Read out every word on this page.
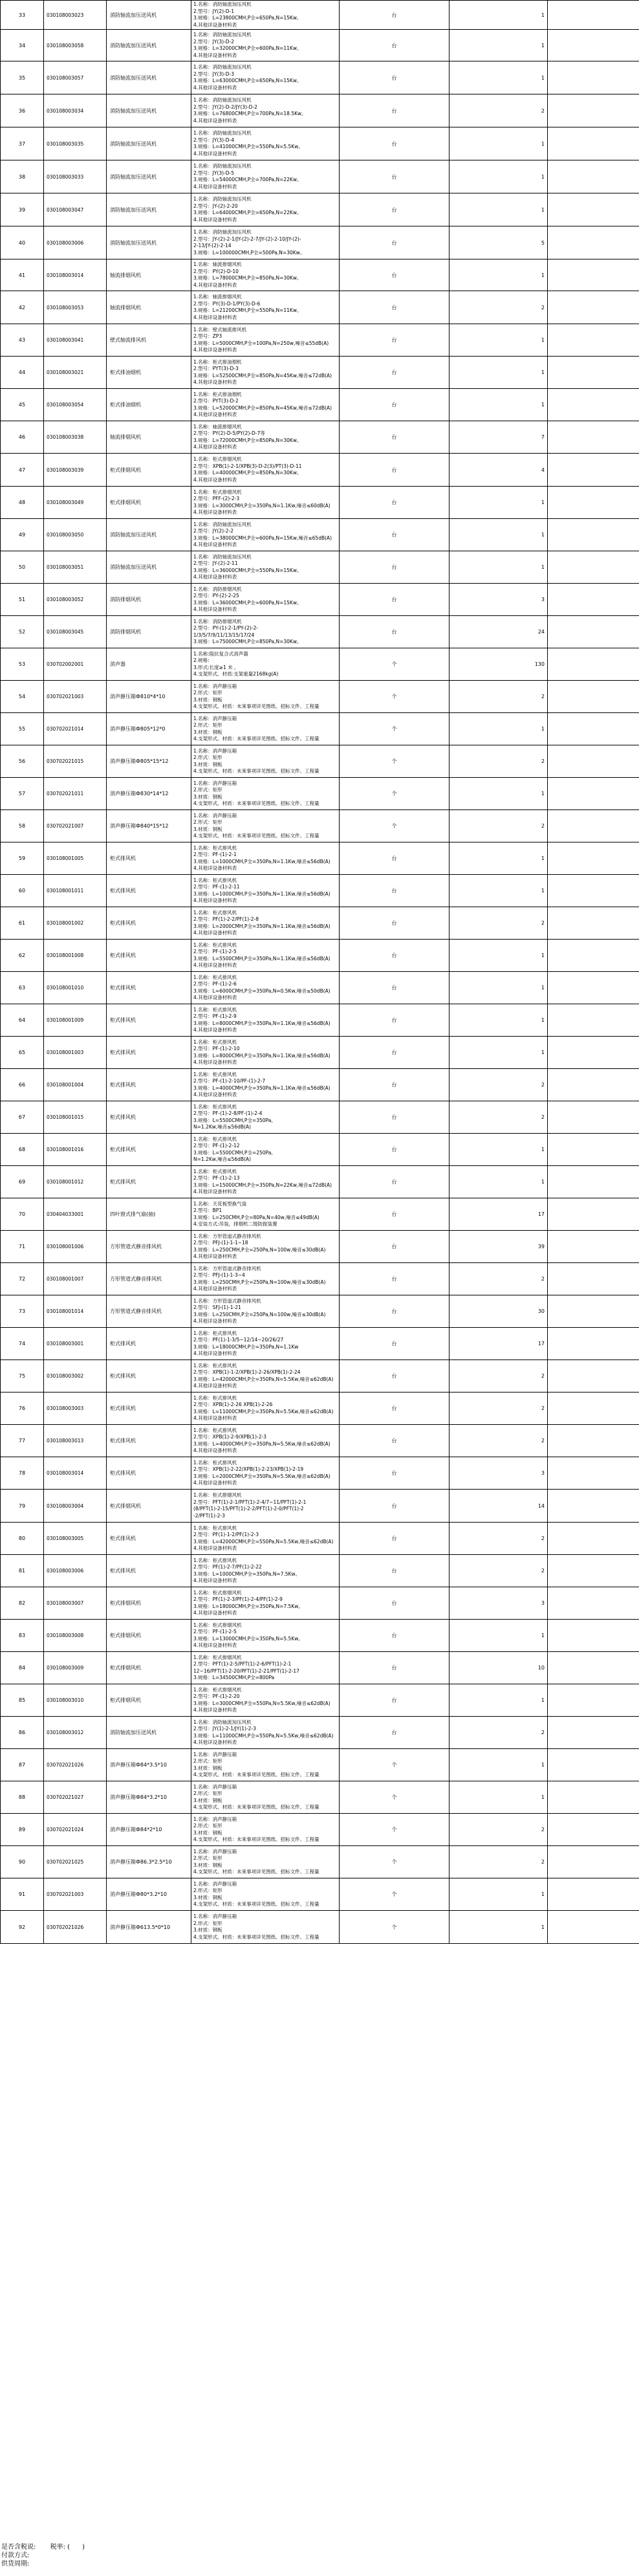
33	030108003023	消防轴流加压送风机	1.名称：消防轴流加压风机
2.型号：JY(2)-D-1
3.规格：L=23800CMH,P全=650Pa,N=15Kw。
4.其他详设备材料表	台	1	
34	030108003058	消防轴流加压送风机	1.名称：消防轴流加压风机
2.型号：JY(3)-D-2
3.规格：L=32000CMH,P全=600Pa,N=11Kw。
4.其他详设备材料表	台	1	
35	030108003057	消防轴流加压送风机	1.名称：消防轴流加压风机
2.型号：JY(3)-D-3
3.规格：L=63000CMH,P全=650Pa,N=15Kw。
4.其他详设备材料表	台	1	
36	030108003034	消防轴流加压送风机	1.名称：消防轴流加压风机
2.型号：JY(2)-D-2/JY(3)-D-2
3.规格：L=76800CMH,P全=700Pa,N=18.5Kw。
4.其他详设备材料表	台	2	
37	030108003035	消防轴流加压送风机	1.名称：消防轴流加压风机
2.型号：JY(3)-D-4
3.规格：L=41000CMH,P全=550Pa,N=5.5Kw。
4.其他详设备材料表	台	1	
38	030108003033	消防轴流加压送风机	1.名称：消防轴流加压风机
2.型号：JY(3)-D-5
3.规格：L=54000CMH,P全=700Pa,N=22Kw。
4.其他详设备材料表	台	1	
39	030108003047	消防轴流加压送风机	1.名称：消防轴流加压风机
2.型号：JY-(2)-2-20
3.规格：L=64000CMH,P全=650Pa,N=22Kw。
4.其他详设备材料表	台	1	
40	030108003006	消防轴流加压送风机	1.名称：消防轴流加压风机
2.型号：JY-(2)-2-1/JY-(2)-2-7/JY-(2)-2-10/JY-(2)-
2-13/JY-(2)-2-14
3.规格：L=100000CMH,P全=500Pa,N=30Kw。	台	5	
41	030108003014	轴流排烟风机	1.名称：轴流排烟风机
2.型号：PY(2)-D-10
3.规格：L=78000CMH,P全=850Pa,N=30Kw。
4.其他详设备材料表	台	1	
42	030108003053	轴流排烟风机	1.名称：轴流排烟风机
2.型号：PY(3)-D-1/PY(3)-D-6
3.规格：L=21200CMH,P全=550Pa,N=11Kw。
4.其他详设备材料表	台	2	
43	030108003041	壁式轴流排风机	1.名称：壁式轴流排风机
2.型号：ZP3
3.规格：L=5000CMH,P全=100Pa,N=250w,噪音≤55dB(A)
4.其他详设备材料表	台	1	
44	030108003021	柜式排油烟机	1.名称：柜式排油烟机
2.型号：PYT(3)-D-3
3.规格：L=52500CMH,P全=850Pa,N=45Kw,噪音≤72dB(A)
4.其他详设备材料表	台	1	
45	030108003054	柜式排油烟机	1.名称：柜式排油烟机
2.型号：PYT(3)-D-2
3.规格：L=52000CMH,P全=850Pa,N=45Kw,噪音≤72dB(A)
4.其他详设备材料表	台	1	
46	030108003038	轴流排烟风机	1.名称：轴流排烟风机
2.型号：PY(2)-D-5/PY(2)-D-7等
3.规格：L=72000CMH,P全=850Pa,N=30Kw。
4.其他详设备材料表	台	7	
47	030108003039	柜式排烟风机	1.名称：柜式排烟风机
2.型号：XPB(1)-2-1/XPB(3)-D-2(3)/PT(3)-D-11
3.规格：L=40000CMH,P全=850Pa,N=30Kw。
4.其他详设备材料表	台	4	
48	030108003049	柜式排烟风机	1.名称：柜式排烟风机
2.型号：PFF-(2)-2-3
3.规格：L=3000CMH,P全=350Pa,N=1.1Kw,噪音≤60dB(A)
4.其他详设备材料表	台	1	
49	030108003050	消防轴流加压送风机	1.名称：消防轴流加压风机
2.型号：JY(2)-2-2
3.规格：L=38000CMH,P全=600Pa,N=15Kw,噪音≤65dB(A)
4.其他详设备材料表	台	1	
50	030108003051	消防轴流加压送风机	1.名称：消防轴流加压风机
2.型号：JY-(2)-2-11
3.规格：L=36000CMH,P全=550Pa,N=15Kw。
4.其他详设备材料表	台	1	
51	030108003052	消防排烟风机	1.名称：消防排烟风机
2.型号：PY-(2)-2-25
3.规格：L=36000CMH,P全=600Pa,N=15Kw。
4.其他详设备材料表	台	3	
52	030108003045	消防排烟风机	1.名称：消防排烟风机
2.型号：PY-(1)-2-1/PY-(2)-2-
1/3/5/7/9/11/13/15/17/24
3.规格：L=75000CMH,P全=850Pa,N=30Kw。	台	24	
53	030702002001	消声器	1.名称:阻抗复合式消声器
2.规格:
3.形式:长度≥1 米 ,
4.支架形式、材质:支架重量2168kg(A)	个	130	
54	030702021003	消声静压箱Ф810*4*10	1.名称：消声静压箱
2.形式：矩形
3.材质：钢板
4.支架形式、材质：未來事项详见图纸、招标文件、工程量	个	2	
55	030702021014	消声静压箱Ф805*12*0	1.名称：消声静压箱
2.形式：矩形
3.材质：钢板
4.支架形式、材质：未來事项详见图纸、招标文件、工程量	个	1	
56	030702021015	消声静压箱Ф805*15*12	1.名称：消声静压箱
2.形式：矩形
3.材质：钢板
4.支架形式、材质：未來事项详见图纸、招标文件、工程量	个	2	
57	030702021011	消声静压箱Ф830*14*12	1.名称：消声静压箱
2.形式：矩形
3.材质：钢板
4.支架形式、材质：未來事项详见图纸、招标文件、工程量	个	1	
58	030702021007	消声静压箱Ф840*15*12	1.名称：消声静压箱
2.形式：矩形
3.材质：钢板
4.支架形式、材质：未來事项详见图纸、招标文件、工程量	个	2	
59	030108001005	柜式排风机	1.名称：柜式排风机
2.型号：PF-(1)-2-1
3.规格：L=1000CMH,P全=350Pa,N=1.1Kw,噪音≤56dB(A)
4.其他详设备材料表	台	1	
60	030108001011	柜式排风机	1.名称：柜式排风机
2.型号：PF-(1)-2-11
3.规格：L=1000CMH,P全=350Pa,N=1.1Kw,噪音≤56dB(A)
4.其他详设备材料表	台	1	
61	030108001002	柜式排风机	1.名称：柜式排风机
2.型号：PF(1)-2-2/PF(1)-2-8
3.规格：L=2000CMH,P全=350Pa,N=1.1Kw,噪音≤56dB(A)
4.其他详设备材料表	台	2	
62	030108001008	柜式排风机	1.名称：柜式排风机
2.型号：PF-(1)-2-5
3.规格：L=5500CMH,P全=350Pa,N=1.1Kw,噪音≤56dB(A)
4.其他详设备材料表	台	1	
63	030108001010	柜式排风机	1.名称：柜式排风机
2.型号：PF-(1)-2-6
3.规格：L=6000CMH,P全=350Pa,N=0.5Kw,噪音≤50dB(A)
4.其他详设备材料表	台	1	
64	030108001009	柜式排风机	1.名称：柜式排风机
2.型号：PF-(1)-2-9
3.规格：L=8000CMH,P全=350Pa,N=1.1Kw,噪音≤56dB(A)
4.其他详设备材料表	台	1	
65	030108001003	柜式排风机	1.名称：柜式排风机
2.型号：PF-(1)-2-10
3.规格：L=8000CMH,P全=350Pa,N=1.1Kw,噪音≤56dB(A)
4.其他详设备材料表	台	1	
66	030108001004	柜式排风机	1.名称：柜式排风机
2.型号：PF-(1)-2-10/PF-(1)-2-7
3.规格：L=4000CMH,P全=350Pa,N=1.1Kw,噪音≤56dB(A)
4.其他详设备材料表	台	2	
67	030108001015	柜式排风机	1.名称：柜式排风机
2.型号：PF-(1)-2-8/PF-(1)-2-4
3.规格：L=5500CMH,P全=350Pa,
N=1.2Kw,噪音≤56dB(A)	台	2	
68	030108001016	柜式排风机	1.名称：柜式排风机
2.型号：PF-(1)-2-12
3.规格：L=5500CMH,P全=250Pa,
N=1.2Kw,噪音≤56dB(A)	台	1	
69	030108001012	柜式排风机	1.名称：柜式排风机
2.型号：PF-(1)-2-13
3.规格：L=15000CMH,P全=350Pa,N=22Kw,噪音≤72dB(A)
4.其他详设备材料表	台	1	
70	030404033001	四叶窗式排气扇(抽)	1.名称：天花板型换气扇
2.型号：BP1
3.规格：L=250CMH,P全=80Pa,N=40w,噪音≤49dB(A)
4.安装方式:吊装，排烟机二级防振装置	台	17	
71	030108001006	方形管道式静音排风机	1.名称：方形管道式静音排风机
2.型号：PFJ-(1)-1-1~18
3.规格：L=250CMH,P全=250Pa,N=100w,噪音≤30dB(A)
4.其他详设备材料表	台	39	
72	030108001007	方形管道式静音排风机	1.名称：方形管道式静音排风机
2.型号：PFJ-(1)-1-3~4
3.规格：L=250CMH,P全=250Pa,N=100w,噪音≤30dB(A)
4.其他详设备材料表	台	2	
73	030108001014	方形管道式静音排风机	1.名称：方形管道式静音排风机
2.型号：SFJ-(1)-1-21
3.规格：L=250CMH,P全=250Pa,N=100w,噪音≤30dB(A)
4.其他详设备材料表	台	30	
74	030108003001	柜式排风机	1.名称：柜式排风机
2.型号：PF(1)-1-3/5~12/14~20/26/27
3.规格：L=18000CMH,P全=350Pa,N=1.1Kw
4.其他详设备材料表	台	17	
75	030108003002	柜式排风机	1.名称：柜式排风机
2.型号：XPB(1)-1-2/XPB(1)-2-26/XPB(1)-2-24
3.规格：L=42000CMH,P全=350Pa,N=5.5Kw,噪音≤62dB(A)
4.其他详设备材料表	台	2	
76	030108003003	柜式排风机	1.名称：柜式排风机
2.型号：XPB(1)-2-26 XPB(1)-2-26
3.规格：L=11000CMH,P全=350Pa,N=5.5Kw,噪音≤62dB(A)
4.其他详设备材料表	台	2	
77	030108003013	柜式排风机	1.名称：柜式排风机
2.型号：XPB(1)-2-9/XPB(1)-2-3
3.规格：L=4000CMH,P全=350Pa,N=5.5Kw,噪音≤62dB(A)
4.其他详设备材料表	台	2	
78	030108003014	柜式排风机	1.名称：柜式排风机
2.型号：XPB(1)-2-22/XPB(1)-2-23/XPB(1)-2-19
3.规格：L=2000CMH,P全=350Pa,N=5.5Kw,噪音≤62dB(A)
4.其他详设备材料表	台	3	
79	030108003004	柜式排烟风机	1.名称：柜式排烟风机
2.型号：PFT(1)-2-1/PFT(1)-2-4/7~11/PFT(1)-2-1
(8/PFT(1)-2-15/PFT(1)-2-2/PFT(1)-2-0/PFT(1)-2
-2/PFT(1)-2-3	台	14	
80	030108003005	柜式排风机	1.名称：柜式排风机
2.型号：PF(1)-1-2/PF(1)-2-3
3.规格：L=42000CMH,P全=550Pa,N=5.5Kw,噪音≤62dB(A)
4.其他详设备材料表	台	2	
81	030108003006	柜式排风机	1.名称：柜式排风机
2.型号：PF(1)-2-7/PF(1)-2-22
3.规格：L=1000CMH,P全=350Pa,N=7.5Kw。
4.其他详设备材料表	台	2	
82	030108003007	柜式排烟风机	1.名称：柜式排烟风机
2.型号：PF(1)-2-3/PF(1)-2-4/PF(1)-2-9
3.规格：L=18000CMH,P全=350Pa,N=7.5Kw。
4.其他详设备材料表	台	3	
83	030108003008	柜式排烟风机	1.名称：柜式排烟风机
2.型号：PF-(1)-2-5
3.规格：L=13000CMH,P全=350Pa,N=5.5Kw。
4.其他详设备材料表	台	1	
84	030108003009	柜式排烟风机	1.名称：柜式排烟风机
2.型号：PFT(1)-2-5/PFT(1)-2-6/PFT(1)-2-1
12~16/PFT(1)-2-20/PFT(1)-2-21/PFT(1)-2-17
3.规格：L=34500CMH,P全=800Pa	台	10	
85	030108003010	柜式排烟风机	1.名称：柜式排烟风机
2.型号：PF-(1)-2-20
3.规格：L=3000CMH,P全=550Pa,N=5.5Kw,噪音≤62dB(A)
4.其他详设备材料表	台	1	
86	030108003012	消防轴流加压送风机	1.名称：消防轴流加压风机
2.型号：JY(1)-2-1/JY(1)-2-3
3.规格：L=11000CMH,P全=550Pa,N=5.5Kw,噪音≤62dB(A)
4.其他详设备材料表	台	2	
87	030702021026	消声静压箱Ф84*3.5*10	1.名称：消声静压箱
2.形式：矩形
3.材质：钢板
4.支架形式、材质：未來事项详见图纸、招标文件、工程量	个	1	
88	030702021027	消声静压箱Ф84*3.2*10	1.名称：消声静压箱
2.形式：矩形
3.材质：钢板
4.支架形式、材质：未來事项详见图纸、招标文件、工程量	个	1	
89	030702021024	消声静压箱Ф84*2*10	1.名称：消声静压箱
2.形式：矩形
3.材质：钢板
4.支架形式、材质：未來事项详见图纸、招标文件、工程量	个	2	
90	030702021025	消声静压箱Ф86.3*2.5*10	1.名称：消声静压箱
2.形式：矩形
3.材质：钢板
4.支架形式、材质：未來事项详见图纸、招标文件、工程量	个	2	
91	030702021003	消声静压箱Ф80*3.2*10	1.名称：消声静压箱
2.形式：矩形
3.材质：钢板
4.支架形式、材质：未來事项详见图纸、招标文件、工程量	个	1	
92	030702021026	消声静压箱Ф613.5*0*10	1.名称：消声静压箱
2.形式：矩形
3.材质：钢板
4.支架形式、材质：未來事项详见图纸、招标文件、工程量	个	1	
是否含税说:       税率: (      )
付款方式:
供货周期:
